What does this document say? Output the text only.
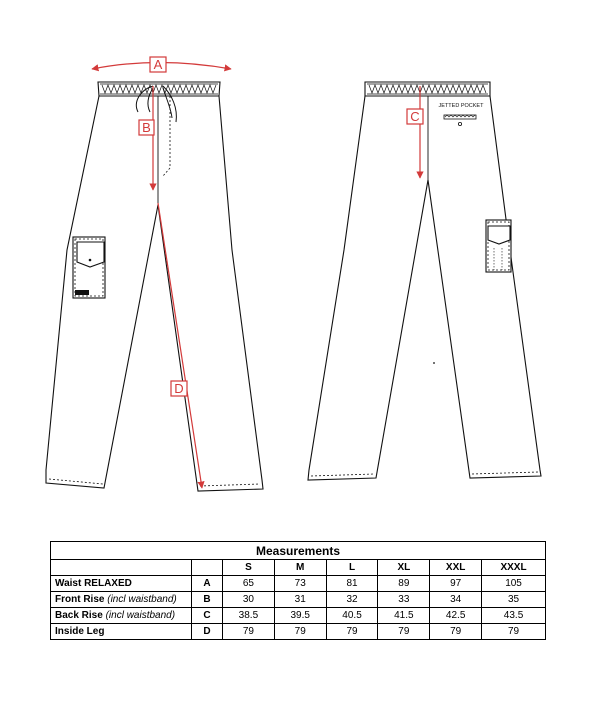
A
B
D
JETTED POCKET
C
Measurements							
		S	M	L	XL	XXL	XXXL
Waist RELAXED	A	65	73	81	89	97	105
Front Rise (incl waistband)	B	30	31	32	33	34	35
Back Rise (incl waistband)	C	38.5	39.5	40.5	41.5	42.5	43.5
Inside Leg	D	79	79	79	79	79	79
